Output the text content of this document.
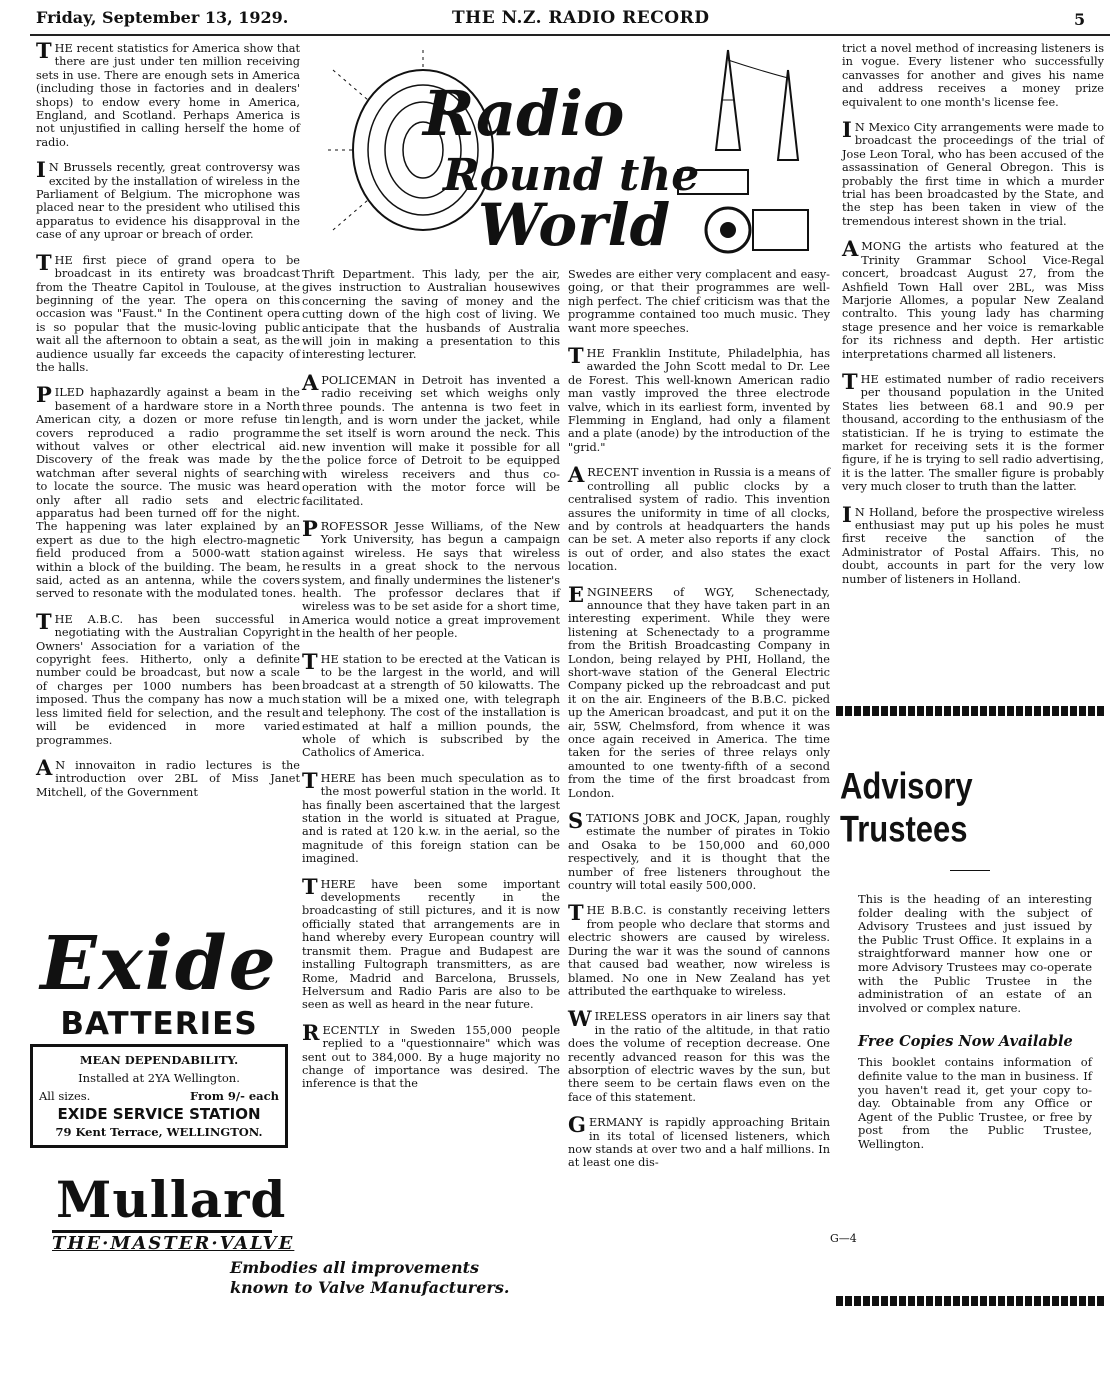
Friday, September 13, 1929.	THE N.Z. RADIO RECORD	5
Radio
Round the
World

THE recent statistics for America show that there are just under ten million receiving sets in use. There are enough sets in America (including those in factories and in dealers' shops) to endow every home in America, England, and Scotland. Perhaps America is not unjustified in calling herself the home of radio.

IN Brussels recently, great controversy was excited by the installation of wireless in the Parliament of Belgium. The microphone was placed near to the president who utilised this apparatus to evidence his disapproval in the case of any uproar or breach of order.

THE first piece of grand opera to be broadcast in its entirety was broadcast from the Theatre Capitol in Toulouse, at the beginning of the year. The opera on this occasion was "Faust." In the Continent opera is so popular that the music-loving public wait all the afternoon to obtain a seat, as the audience usually far exceeds the capacity of the halls.

PILED haphazardly against a beam in the basement of a hardware store in a North American city, a dozen or more refuse tin covers reproduced a radio programme without valves or other electrical aid. Discovery of the freak was made by the watchman after several nights of searching to locate the source. The music was heard only after all radio sets and electric apparatus had been turned off for the night. The happening was later explained by an expert as due to the high electro-magnetic field produced from a 5000-watt station within a block of the building. The beam, he said, acted as an antenna, while the covers served to resonate with the modulated tones.

THE A.B.C. has been successful in negotiating with the Australian Copyright Owners' Association for a variation of the copyright fees. Hitherto, only a definite number could be broadcast, but now a scale of charges per 1000 numbers has been imposed. Thus the company has now a much less limited field for selection, and the result will be evidenced in more varied programmes.

AN innovaiton in radio lectures is the introduction over 2BL of Miss Janet Mitchell, of the Government

Thrift Department. This lady, per the air, gives instruction to Australian housewives concerning the saving of money and the cutting down of the high cost of living. We anticipate that the husbands of Australia will join in making a presentation to this interesting lecturer.

APOLICEMAN in Detroit has invented a radio receiving set which weighs only three pounds. The antenna is two feet in length, and is worn under the jacket, while the set itself is worn around the neck. This new invention will make it possible for all the police force of Detroit to be equipped with wireless receivers and thus co-operation with the motor force will be facilitated.

PROFESSOR Jesse Williams, of the New York University, has begun a campaign against wireless. He says that wireless results in a great shock to the nervous system, and finally undermines the listener's health. The professor declares that if wireless was to be set aside for a short time, America would notice a great improvement in the health of her people.

THE station to be erected at the Vatican is to be the largest in the world, and will broadcast at a strength of 50 kilowatts. The station will be a mixed one, with telegraph and telephony. The cost of the installation is estimated at half a million pounds, the whole of which is subscribed by the Catholics of America.

THERE has been much speculation as to the most powerful station in the world. It has finally been ascertained that the largest station in the world is situated at Prague, and is rated at 120 k.w. in the aerial, so the magnitude of this foreign station can be imagined.

THERE have been some important developments recently in the broadcasting of still pictures, and it is now officially stated that arrangements are in hand whereby every European country will transmit them. Prague and Budapest are installing Fultograph transmitters, as are Rome, Madrid and Barcelona, Brussels, Helversum and Radio Paris are also to be seen as well as heard in the near future.

RECENTLY in Sweden 155,000 people replied to a "questionnaire" which was sent out to 384,000. By a huge majority no change of importance was desired. The inference is that the

Swedes are either very complacent and easy-going, or that their programmes are well-nigh perfect. The chief criticism was that the programme contained too much music. They want more speeches.

THE Franklin Institute, Philadelphia, has awarded the John Scott medal to Dr. Lee de Forest. This well-known American radio man vastly improved the three electrode valve, which in its earliest form, invented by Flemming in England, had only a filament and a plate (anode) by the introduction of the "grid."

ARECENT invention in Russia is a means of controlling all public clocks by a centralised system of radio. This invention assures the uniformity in time of all clocks, and by controls at headquarters the hands can be set. A meter also reports if any clock is out of order, and also states the exact location.

ENGINEERS of WGY, Schenectady, announce that they have taken part in an interesting experiment. While they were listening at Schenectady to a programme from the British Broadcasting Company in London, being relayed by PHI, Holland, the short-wave station of the General Electric Company picked up the rebroadcast and put it on the air. Engineers of the B.B.C. picked up the American broadcast, and put it on the air, 5SW, Chelmsford, from whence it was once again received in America. The time taken for the series of three relays only amounted to one twenty-fifth of a second from the time of the first broadcast from London.

STATIONS JOBK and JOCK, Japan, roughly estimate the number of pirates in Tokio and Osaka to be 150,000 and 60,000 respectively, and it is thought that the number of free listeners throughout the country will total easily 500,000.

THE B.B.C. is constantly receiving letters from people who declare that storms and electric showers are caused by wireless. During the war it was the sound of cannons that caused bad weather, now wireless is blamed. No one in New Zealand has yet attributed the earthquake to wireless.

WIRELESS operators in air liners say that in the ratio of the altitude, in that ratio does the volume of reception decrease. One recently advanced reason for this was the absorption of electric waves by the sun, but there seem to be certain flaws even on the face of this statement.

GERMANY is rapidly approaching Britain in its total of licensed listeners, which now stands at over two and a half millions. In at least one dis-

trict a novel method of increasing listeners is in vogue. Every listener who successfully canvasses for another and gives his name and address receives a money prize equivalent to one month's license fee.

IN Mexico City arrangements were made to broadcast the proceedings of the trial of Jose Leon Toral, who has been accused of the assassination of General Obregon. This is probably the first time in which a murder trial has been broadcasted by the State, and the step has been taken in view of the tremendous interest shown in the trial.

AMONG the artists who featured at the Trinity Grammar School Vice-Regal concert, broadcast August 27, from the Ashfield Town Hall over 2BL, was Miss Marjorie Allomes, a popular New Zealand contralto. This young lady has charming stage presence and her voice is remarkable for its richness and depth. Her artistic interpretations charmed all listeners.

THE estimated number of radio receivers per thousand population in the United States lies between 68.1 and 90.9 per thousand, according to the enthusiasm of the statistician. If he is trying to estimate the market for receiving sets it is the former figure, if he is trying to sell radio advertising, it is the latter. The smaller figure is probably very much closer to truth than the latter.

IN Holland, before the prospective wireless enthusiast may put up his poles he must first receive the sanction of the Administrator of Postal Affairs. This, no doubt, accounts in part for the very low number of listeners in Holland.

Exide
BATTERIES
MEAN DEPENDABILITY.
Installed at 2YA Wellington.
All sizes.	From 9/- each
EXIDE SERVICE STATION
79 Kent Terrace, WELLINGTON.
Mullard
THE·MASTER·VALVE
Embodies all improvements
known to Valve Manufacturers.
Advisory Trustees
This is the heading of an interesting folder dealing with the subject of Advisory Trustees and just issued by the Public Trust Office. It explains in a straightforward manner how one or more Advisory Trustees may co-operate with the Public Trustee in the administration of an estate of an involved or complex nature.
Free Copies Now Available
This booklet contains information of definite value to the man in business. If you haven't read it, get your copy to-day. Obtainable from any Office or Agent of the Public Trustee, or free by post from the Public Trustee, Wellington.
G—4
